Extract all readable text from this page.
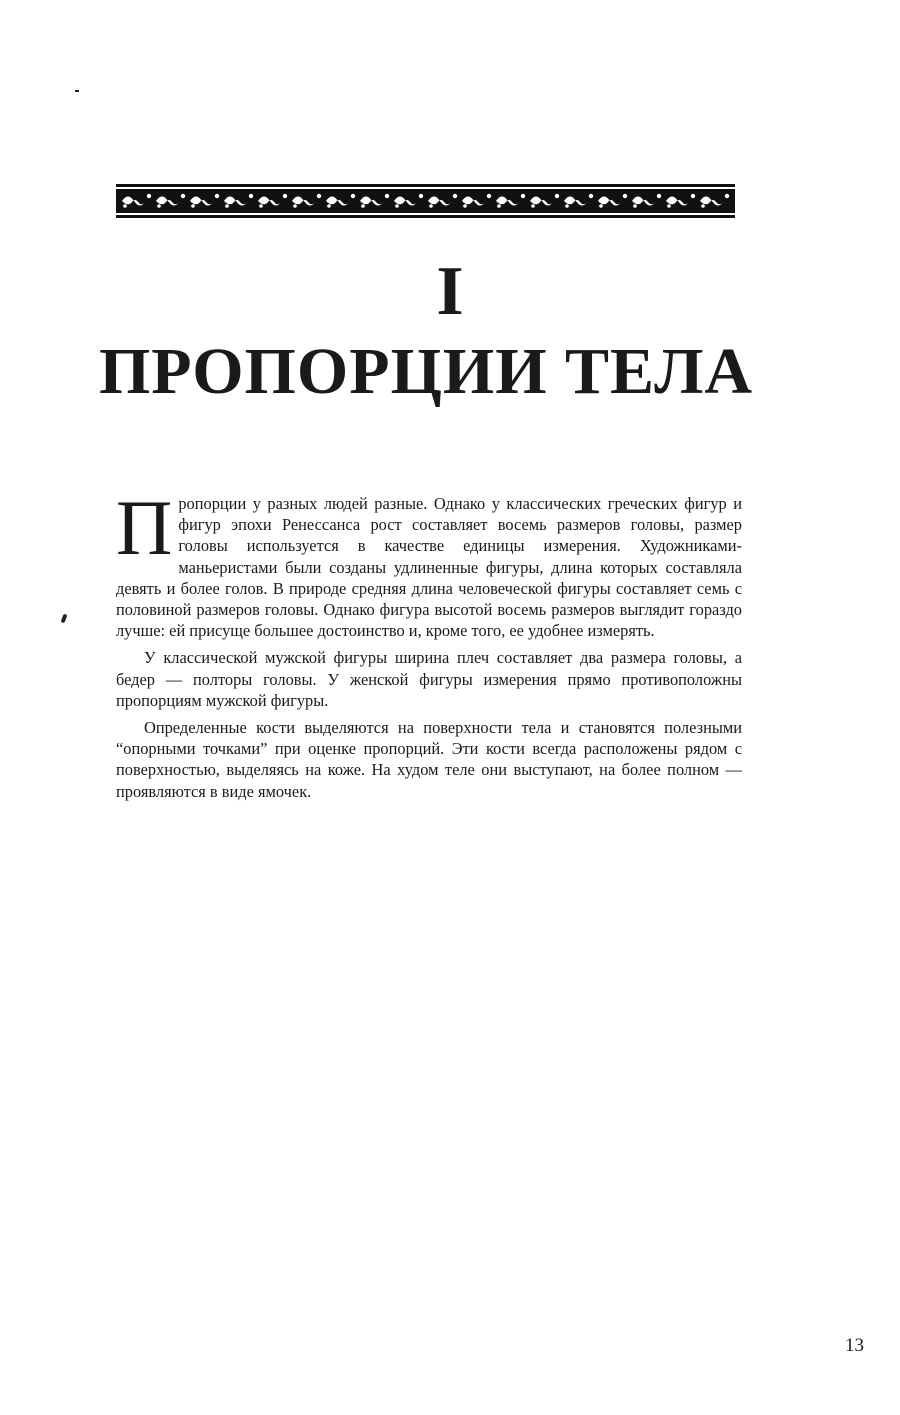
I
ПРОПОРЦИИ ТЕЛА

Пропорции у разных людей разные. Однако у классических греческих фигур и фигур эпохи Ренессанса рост составляет восемь размеров головы, размер головы используется в качестве единицы измерения. Художниками-маньеристами были созданы удлиненные фигуры, длина которых составляла девять и более голов. В природе средняя длина человеческой фигуры составляет семь с половиной размеров головы. Однако фигура высотой восемь размеров выглядит гораздо лучше: ей присуще большее достоинство и, кроме того, ее удобнее измерять.

У классической мужской фигуры ширина плеч составляет два размера головы, а бедер — полторы головы. У женской фигуры измерения прямо противоположны пропорциям мужской фигуры.

Определенные кости выделяются на поверхности тела и становятся полезными “опорными точками” при оценке пропорций. Эти кости всегда расположены рядом с поверхностью, выделяясь на коже. На худом теле они выступают, на более полном — проявляются в виде ямочек.

13
